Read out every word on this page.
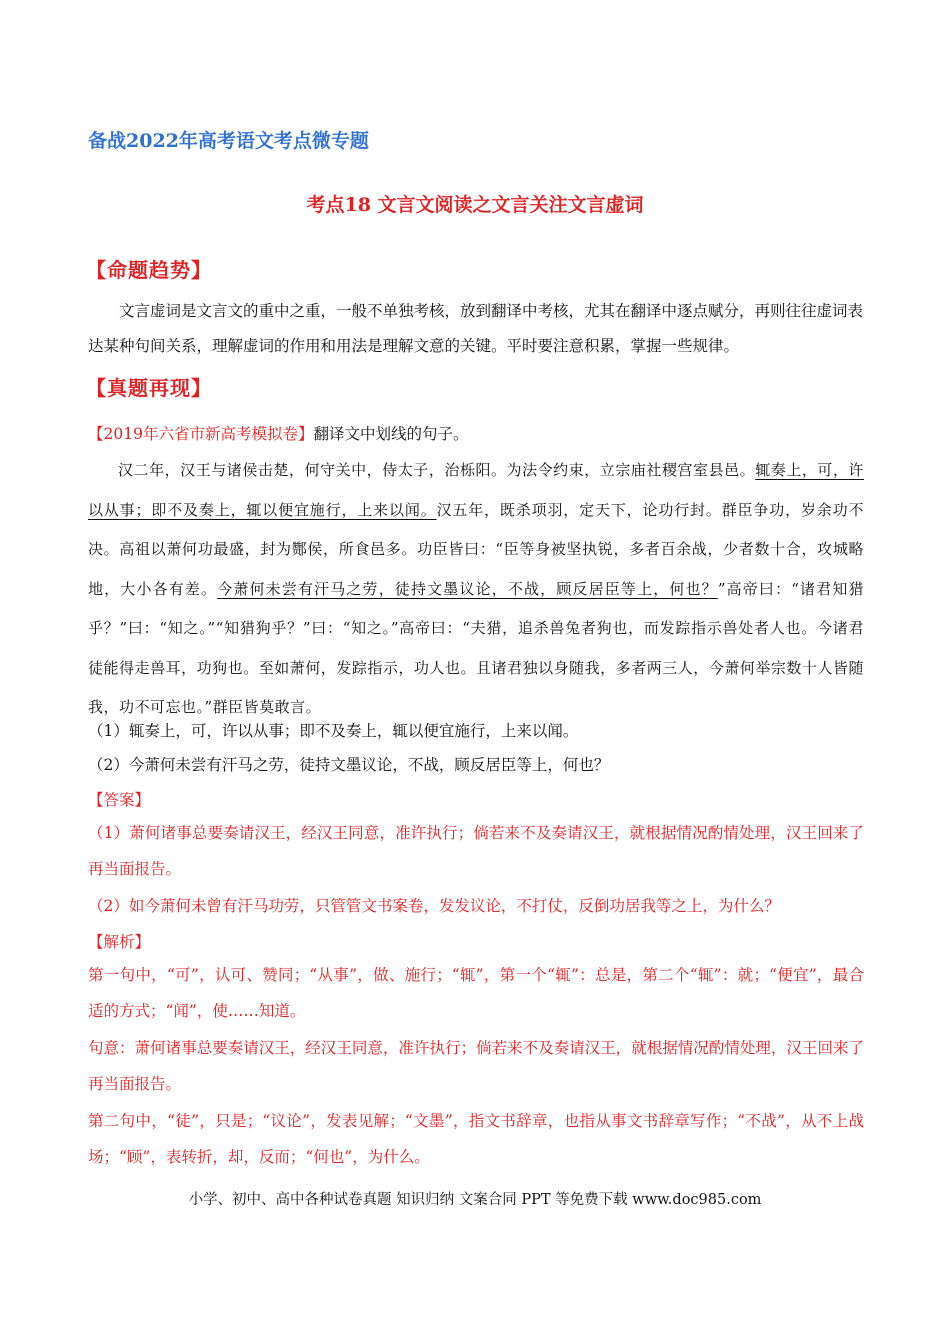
备战2022年高考语文考点微专题
考点18 文言文阅读之文言关注文言虚词
【命题趋势】
文言虚词是文言文的重中之重，一般不单独考核，放到翻译中考核，尤其在翻译中逐点赋分，再则往往虚词表达某种句间关系，理解虚词的作用和用法是理解文意的关键。平时要注意积累，掌握一些规律。
【真题再现】
【2019年六省市新高考模拟卷】翻译文中划线的句子。
汉二年，汉王与诸侯击楚，何守关中，侍太子，治栎阳。为法令约束，立宗庙社稷宫室县邑。辄奏上，可，许以从事；即不及奏上，辄以便宜施行，上来以闻。汉五年，既杀项羽，定天下，论功行封。群臣争功，岁余功不决。高祖以萧何功最盛，封为酂侯，所食邑多。功臣皆曰：“臣等身被坚执锐，多者百余战，少者数十合，攻城略地，大小各有差。今萧何未尝有汗马之劳，徒持文墨议论，不战，顾反居臣等上，何也？”高帝曰：“诸君知猎乎？”曰：“知之。”“知猎狗乎？”曰：“知之。”高帝曰：“夫猎，追杀兽兔者狗也，而发踪指示兽处者人也。今诸君徒能得走兽耳，功狗也。至如萧何，发踪指示，功人也。且诸君独以身随我，多者两三人，今萧何举宗数十人皆随我，功不可忘也。”群臣皆莫敢言。
（1）辄奏上，可，许以从事；即不及奏上，辄以便宜施行，上来以闻。
（2）今萧何未尝有汗马之劳，徒持文墨议论，不战，顾反居臣等上，何也？
【答案】
（1）萧何诸事总要奏请汉王，经汉王同意，准许执行；倘若来不及奏请汉王，就根据情况酌情处理，汉王回来了再当面报告。
（2）如今萧何未曾有汗马功劳，只管管文书案卷，发发议论，不打仗，反倒功居我等之上，为什么？
【解析】
第一句中，“可”，认可、赞同；“从事”，做、施行；“辄”，第一个“辄”：总是，第二个“辄”：就；“便宜”，最合适的方式；“闻”，使……知道。
句意：萧何诸事总要奏请汉王，经汉王同意，准许执行；倘若来不及奏请汉王，就根据情况酌情处理，汉王回来了再当面报告。
第二句中，“徒”，只是；“议论”，发表见解；“文墨”，指文书辞章，也指从事文书辞章写作；“不战”，从不上战场；“顾”，表转折，却，反而；“何也”，为什么。
小学、初中、高中各种试卷真题 知识归纳 文案合同 PPT 等免费下载 www.doc985.com
